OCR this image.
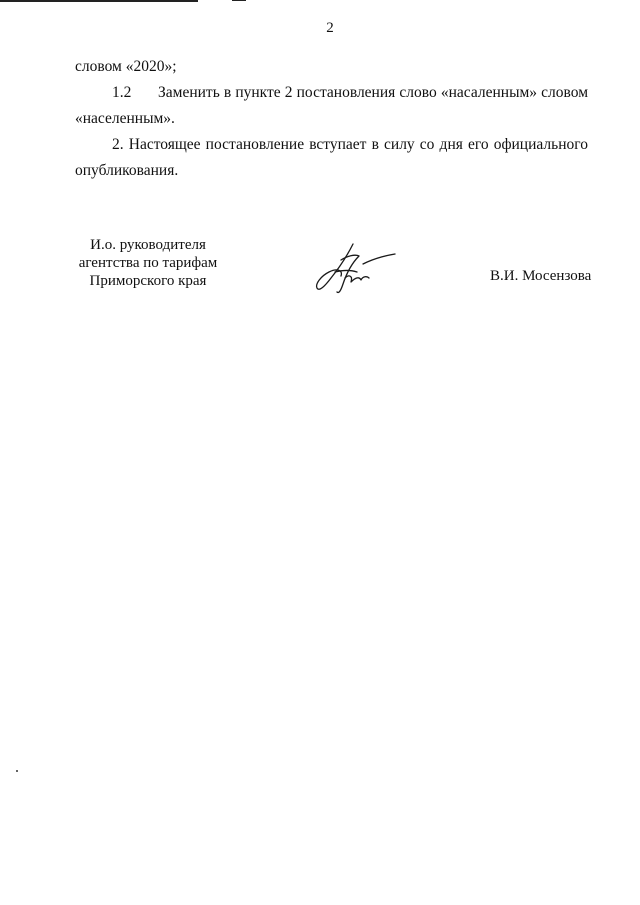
2

словом «2020»;

1.2 Заменить в пункте 2 постановления слово «насаленным» словом

«населенным».

2. Настоящее постановление вступает в силу со дня его официального опубликования.

И.о. руководителя
агентства по тарифам
Приморского края	В.И. Мосензова
